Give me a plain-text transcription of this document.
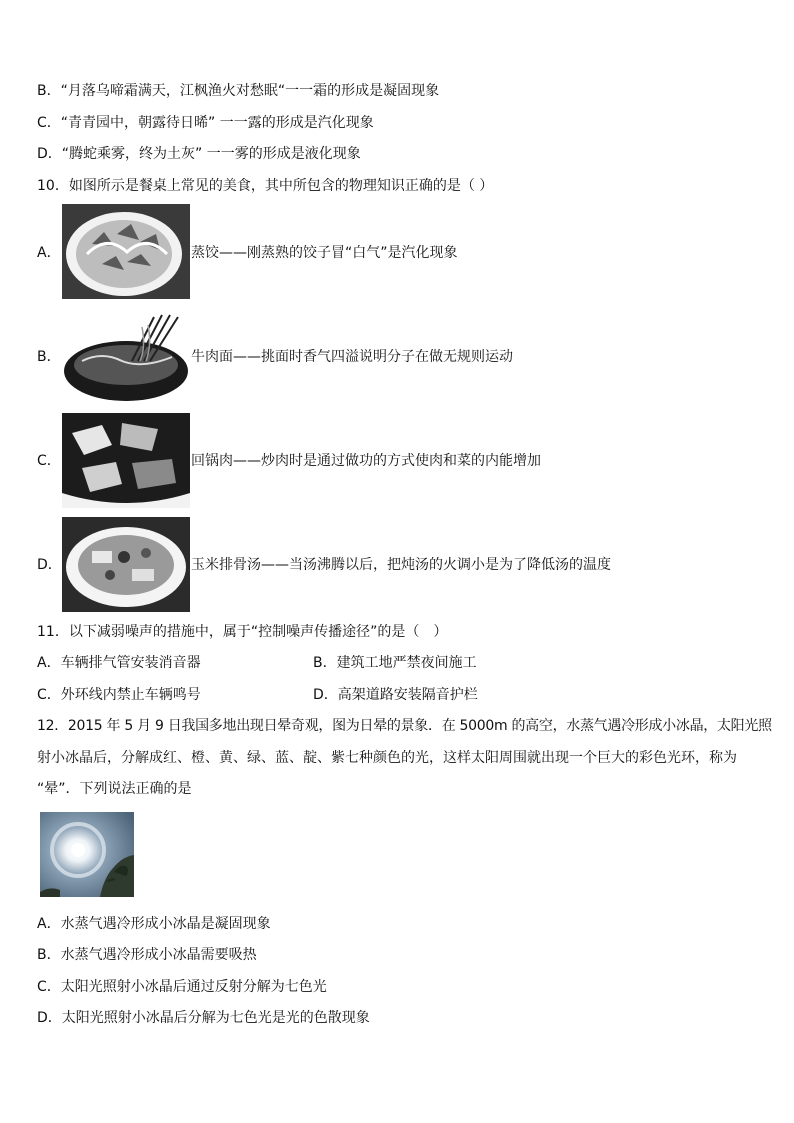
B．“月落乌啼霜满天，江枫渔火对愁眠“一一霜的形成是凝固现象
C．“青青园中，朝露待日晞” 一一露的形成是汽化现象
D．“腾蛇乘雾，终为土灰” 一一雾的形成是液化现象
10．如图所示是餐桌上常见的美食，其中所包含的物理知识正确的是（ ）
A．	蒸饺——刚蒸熟的饺子冒“白气”是汽化现象
B．	牛肉面——挑面时香气四溢说明分子在做无规则运动
C．	回锅肉——炒肉时是通过做功的方式使肉和菜的内能增加
D．	玉米排骨汤——当汤沸腾以后，把炖汤的火调小是为了降低汤的温度
11．以下减弱噪声的措施中，属于“控制噪声传播途径”的是（　）
A．车辆排气管安装消音器	B．建筑工地严禁夜间施工
C．外环线内禁止车辆鸣号	D．高架道路安装隔音护栏
12．2015 年 5 月 9 日我国多地出现日晕奇观，图为日晕的景象．在 5000m 的高空，水蒸气遇冷形成小冰晶，太阳光照
射小冰晶后，分解成红、橙、黄、绿、蓝、靛、紫七种颜色的光，这样太阳周围就出现一个巨大的彩色光环，称为
“晕”．下列说法正确的是
A．水蒸气遇冷形成小冰晶是凝固现象
B．水蒸气遇冷形成小冰晶需要吸热
C．太阳光照射小冰晶后通过反射分解为七色光
D．太阳光照射小冰晶后分解为七色光是光的色散现象
